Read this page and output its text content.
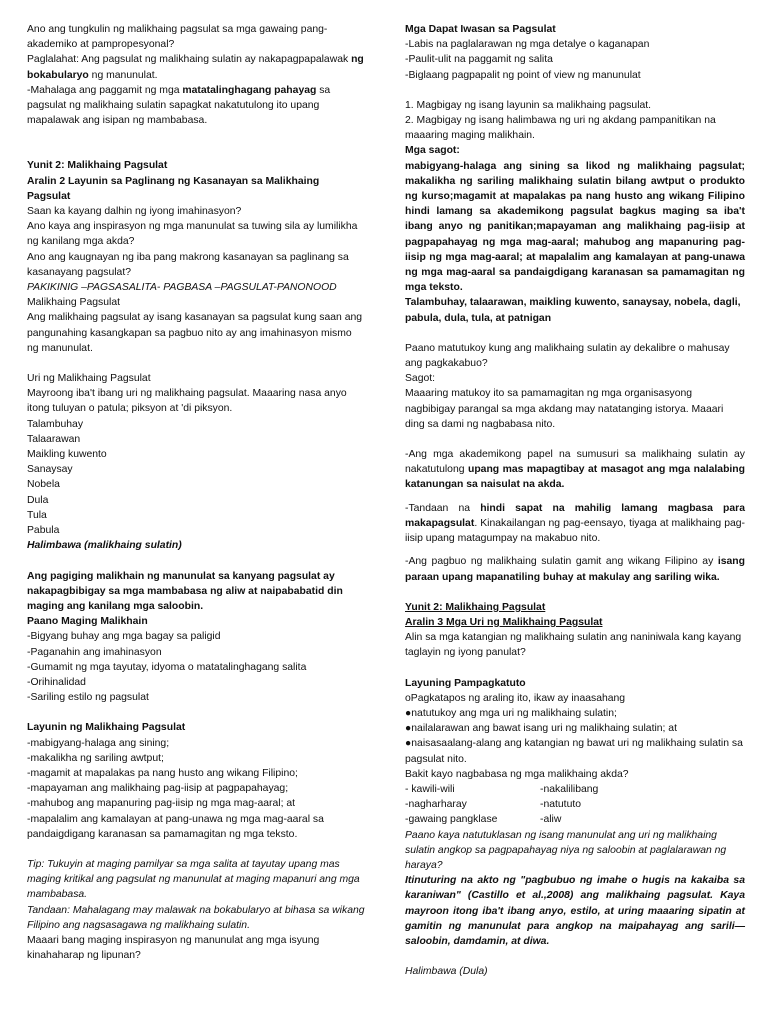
Ano ang tungkulin ng malikhaing pagsulat sa mga gawaing pang-akademiko at pampropesyonal?

Paglalahat: Ang pagsulat ng malikhaing sulatin ay nakapagpapalawak ng bokabularyo ng manunulat.

-Mahalaga ang paggamit ng mga matatalinghagang pahayag sa pagsulat ng malikhaing sulatin sapagkat nakatutulong ito upang mapalawak ang isipan ng mambabasa.

Yunit 2: Malikhaing Pagsulat

Aralin 2 Layunin sa Paglinang ng Kasanayan sa Malikhaing Pagsulat

Saan ka kayang dalhin ng iyong imahinasyon?

Ano kaya ang inspirasyon ng mga manunulat sa tuwing sila ay lumilikha ng kanilang mga akda?

Ano ang kaugnayan ng iba pang makrong kasanayan sa paglinang sa kasanayang pagsulat?

PAKIKINIG –PAGSASALITA- PAGBASA –PAGSULAT-PANONOOD

Malikhaing Pagsulat

Ang malikhaing pagsulat ay isang kasanayan sa pagsulat kung saan ang pangunahing kasangkapan sa pagbuo nito ay ang imahinasyon mismo ng manunulat.

Uri ng Malikhaing Pagsulat

Mayroong iba't ibang uri ng malikhaing pagsulat. Maaaring nasa anyo itong tuluyan o patula; piksyon at 'di piksyon.

Talambuhay

Talaarawan

Maikling kuwento

Sanaysay

Nobela

Dula

Tula

Pabula

Halimbawa (malikhaing sulatin)

Ang pagiging malikhain ng manunulat sa kanyang pagsulat ay nakapagbibigay sa mga mambabasa ng aliw at naipababatid din maging ang kanilang mga saloobin.

Paano Maging Malikhain

-Bigyang buhay ang mga bagay sa paligid

-Paganahin ang imahinasyon

-Gumamit ng mga tayutay, idyoma o matatalinghagang salita

-Orihinalidad

-Sariling estilo ng pagsulat

Layunin ng Malikhaing Pagsulat

-mabigyang-halaga ang sining;

-makalikha ng sariling awtput;

-magamit at mapalakas pa nang husto ang wikang Filipino;

-mapayaman ang malikhaing pag-iisip at pagpapahayag;

-mahubog ang mapanuring pag-iisip ng mga mag-aaral; at

-mapalalim ang kamalayan at pang-unawa ng mga mag-aaral sa pandaigdigang karanasan sa pamamagitan ng mga teksto.

Tip: Tukuyin at maging pamilyar sa mga salita at tayutay upang mas maging kritikal ang pagsulat ng manunulat at maging mapanuri ang mga mambabasa.

Tandaan: Mahalagang may malawak na bokabularyo at bihasa sa wikang Filipino ang nagsasagawa ng malikhaing sulatin.

Maaari bang maging inspirasyon ng manunulat ang mga isyung kinahaharap ng lipunan?

Mga Dapat Iwasan sa Pagsulat

-Labis na paglalarawan ng mga detalye o kaganapan

-Paulit-ulit na paggamit ng salita

-Biglaang pagpapalit ng point of view ng manunulat

1. Magbigay ng isang layunin sa malikhaing pagsulat.

2. Magbigay ng isang halimbawa ng uri ng akdang pampanitikan na maaaring maging malikhain.

Mga sagot:

mabigyang-halaga ang sining sa likod ng malikhaing pagsulat; makalikha ng sariling malikhaing sulatin bilang awtput o produkto ng kurso;magamit at mapalakas pa nang husto ang wikang Filipino hindi lamang sa akademikong pagsulat bagkus maging sa iba't ibang anyo ng panitikan;mapayaman ang malikhaing pag-iisip at pagpapahayag ng mga mag-aaral; mahubog ang mapanuring pag-iisip ng mga mag-aaral; at mapalalim ang kamalayan at pang-unawa ng mga mag-aaral sa pandaigdigang karanasan sa pamamagitan ng mga teksto.

Talambuhay, talaarawan, maikling kuwento, sanaysay, nobela, dagli, pabula, dula, tula, at patnigan

Paano matutukoy kung ang malikhaing sulatin ay dekalibre o mahusay ang pagkakabuo?

Sagot:

Maaaring matukoy ito sa pamamagitan ng mga organisasyong nagbibigay parangal sa mga akdang may natatanging istorya. Maaari ding sa dami ng nagbabasa nito.

-Ang mga akademikong papel na sumusuri sa malikhaing sulatin ay nakatutulong upang mas mapagtibay at masagot ang mga nalalabing katanungan sa naisulat na akda.

-Tandaan na hindi sapat na mahilig lamang magbasa para makapagsulat. Kinakailangan ng pag-eensayo, tiyaga at malikhaing pag-iisip upang matagumpay na makabuo nito.

-Ang pagbuo ng malikhaing sulatin gamit ang wikang Filipino ay isang paraan upang mapanatiling buhay at makulay ang sariling wika.

Yunit 2: Malikhaing Pagsulat

Aralin 3 Mga Uri ng Malikhaing Pagsulat

Alin sa mga katangian ng malikhaing sulatin ang naniniwala kang kayang taglayin ng iyong panulat?

Layuning Pampagkatuto

oPagkatapos ng araling ito, ikaw ay inaasahang

●natutukoy ang mga uri ng malikhaing sulatin;

●nailalarawan ang bawat isang uri ng malikhaing sulatin; at

●naisasaalang-alang ang katangian ng bawat uri ng malikhaing sulatin sa pagsulat nito.

Bakit kayo nagbabasa ng mga malikhaing akda?

- kawili-wili	-nakalilibang
-nagharharay	-natututo
-gawaing pangklase	-aliw

Paano kaya natutuklasan ng isang manunulat ang uri ng malikhaing sulatin angkop sa pagpapahayag niya ng saloobin at paglalarawan ng haraya?

Itinuturing na akto ng "pagbubuo ng imahe o hugis na kakaiba sa karaniwan" (Castillo et al.,2008) ang malikhaing pagsulat. Kaya mayroon itong iba't ibang anyo, estilo, at uring maaaring sipatin at gamitin ng manunulat para angkop na maipahayag ang sarili—saloobin, damdamin, at diwa.

Halimbawa (Dula)
